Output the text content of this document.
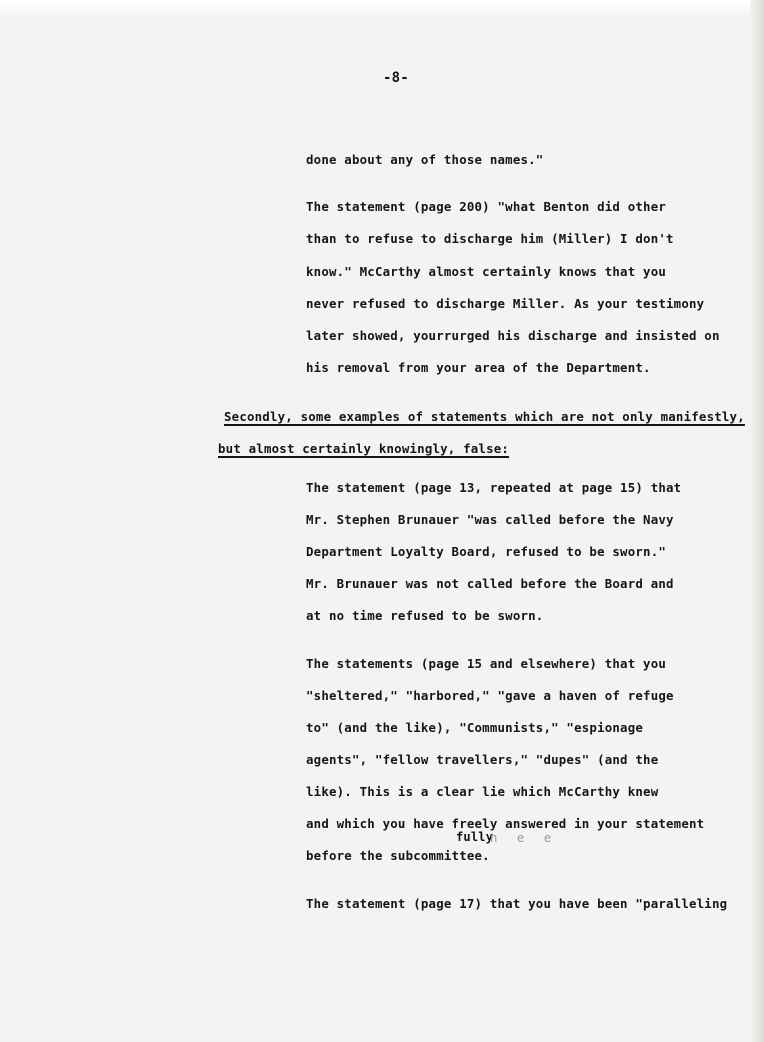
-8-
done about any of those names."
The statement (page 200) "what Benton did other
than to refuse to discharge him (Miller) I don't
know." McCarthy almost certainly knows that you
never refused to discharge Miller. As your testimony
later showed, yourrurged his discharge and insisted on
his removal from your area of the Department.
Secondly, some examples of statements which are not only manifestly,
but almost certainly knowingly, false:
The statement (page 13, repeated at page 15) that
Mr. Stephen Brunauer "was called before the Navy
Department Loyalty Board, refused to be sworn."
Mr. Brunauer was not called before the Board and
at no time refused to be sworn.
The statements (page 15 and elsewhere) that you
"sheltered," "harbored," "gave a haven of refuge
to" (and the like), "Communists," "espionage
agents", "fellow travellers," "dupes" (and the
like). This is a clear lie which McCarthy knew
and which you have freely answered in your statement
fully
n e e
before the subcommittee.
The statement (page 17) that you have been "paralleling
